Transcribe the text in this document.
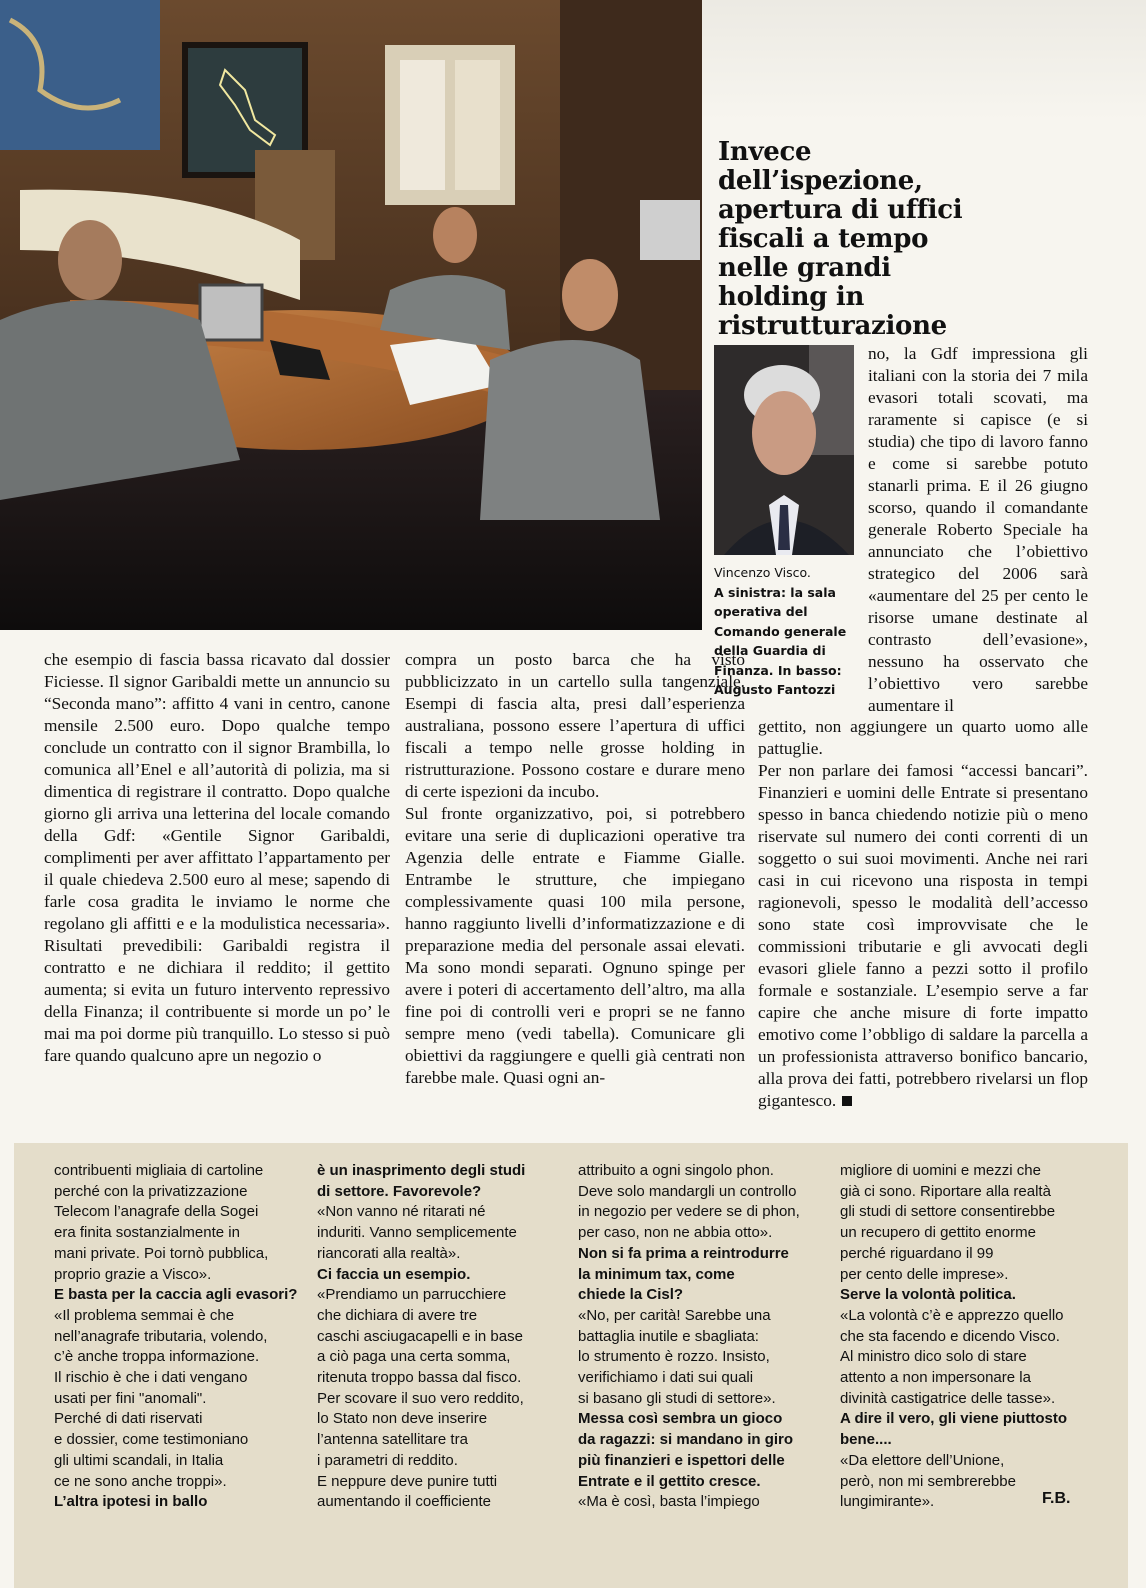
Invece
dell’ispezione,
apertura di uffici
fiscali a tempo
nelle grandi
holding in
ristrutturazione
Vincenzo Visco.
A sinistra: la sala
operativa del
Comando generale
della Guardia di
Finanza. In basso:
Augusto Fantozzi

no, la Gdf impressiona gli italiani con la storia dei 7 mila evasori totali scovati, ma raramente si capisce (e si studia) che tipo di lavoro fanno e come si sarebbe potuto stanarli prima. E il 26 giugno scorso, quando il comandante generale Roberto Speciale ha annunciato che l’obiettivo strategico del 2006 sarà «aumentare del 25 per cento le risorse umane destinate al contrasto dell’evasione», nessuno ha osservato che l’obiettivo vero sarebbe aumentare il

gettito, non aggiungere un quarto uomo alle pattuglie.

Per non parlare dei famosi “accessi bancari”. Finanzieri e uomini delle Entrate si presentano spesso in banca chiedendo notizie più o meno riservate sul numero dei conti correnti di un soggetto o sui suoi movimenti. Anche nei rari casi in cui ricevono una risposta in tempi ragionevoli, spesso le modalità dell’accesso sono state così improvvisate che le commissioni tributarie e gli avvocati degli evasori gliele fanno a pezzi sotto il profilo formale e sostanziale. L’esempio serve a far capire che anche misure di forte impatto emotivo come l’obbligo di saldare la parcella a un professionista attraverso bonifico bancario, alla prova dei fatti, potrebbero rivelarsi un flop gigantesco.

che esempio di fascia bassa ricavato dal dossier Ficiesse. Il signor Garibaldi mette un annuncio su “Seconda mano”: affitto 4 vani in centro, canone mensile 2.500 euro. Dopo qualche tempo conclude un contratto con il signor Brambilla, lo comunica all’Enel e all’autorità di polizia, ma si dimentica di registrare il contratto. Dopo qualche giorno gli arriva una letterina del locale comando della Gdf: «Gentile Signor Garibaldi, complimenti per aver affittato l’appartamento per il quale chiedeva 2.500 euro al mese; sapendo di farle cosa gradita le inviamo le norme che regolano gli affitti e e la modulistica necessaria». Risultati prevedibili: Garibaldi registra il contratto e ne dichiara il reddito; il gettito aumenta; si evita un futuro intervento repressivo della Finanza; il contribuente si morde un po’ le mai ma poi dorme più tranquillo. Lo stesso si può fare quando qualcuno apre un negozio o

compra un posto barca che ha visto pubblicizzato in un cartello sulla tangenziale. Esempi di fascia alta, presi dall’esperienza australiana, possono essere l’apertura di uffici fiscali a tempo nelle grosse holding in ristrutturazione. Possono costare e durare meno di certe ispezioni da incubo.

Sul fronte organizzativo, poi, si potrebbero evitare una serie di duplicazioni operative tra Agenzia delle entrate e Fiamme Gialle. Entrambe le strutture, che impiegano complessivamente quasi 100 mila persone, hanno raggiunto livelli d’informatizzazione e di preparazione media del personale assai elevati. Ma sono mondi separati. Ognuno spinge per avere i poteri di accertamento dell’altro, ma alla fine poi di controlli veri e propri se ne fanno sempre meno (vedi tabella). Comunicare gli obiettivi da raggiungere e quelli già centrati non farebbe male. Quasi ogni an-

contribuenti migliaia di cartoline
perché con la privatizzazione
Telecom l’anagrafe della Sogei
era finita sostanzialmente in
mani private. Poi tornò pubblica,
proprio grazie a Visco».
E basta per la caccia agli evasori?
«Il problema semmai è che
nell’anagrafe tributaria, volendo,
c’è anche troppa informazione.
Il rischio è che i dati vengano
usati per fini "anomali".
Perché di dati riservati
e dossier, come testimoniano
gli ultimi scandali, in Italia
ce ne sono anche troppi».
L’altra ipotesi in ballo
è un inasprimento degli studi
di settore. Favorevole?
«Non vanno né ritarati né
induriti. Vanno semplicemente
riancorati alla realtà».
Ci faccia un esempio.
«Prendiamo un parrucchiere
che dichiara di avere tre
caschi asciugacapelli e in base
a ciò paga una certa somma,
ritenuta troppo bassa dal fisco.
Per scovare il suo vero reddito,
lo Stato non deve inserire
l’antenna satellitare tra
i parametri di reddito.
E neppure deve punire tutti
aumentando il coefficiente
attribuito a ogni singolo phon.
Deve solo mandargli un controllo
in negozio per vedere se di phon,
per caso, non ne abbia otto».
Non si fa prima a reintrodurre
la minimum tax, come
chiede la Cisl?
«No, per carità! Sarebbe una
battaglia inutile e sbagliata:
lo strumento è rozzo. Insisto,
verifichiamo i dati sui quali
si basano gli studi di settore».
Messa così sembra un gioco
da ragazzi: si mandano in giro
più finanzieri e ispettori delle
Entrate e il gettito cresce.
«Ma è così, basta l’impiego
migliore di uomini e mezzi che
già ci sono. Riportare alla realtà
gli studi di settore consentirebbe
un recupero di gettito enorme
perché riguardano il 99
per cento delle imprese».
Serve la volontà politica.
«La volontà c’è e apprezzo quello
che sta facendo e dicendo Visco.
Al ministro dico solo di stare
attento a non impersonare la
divinità castigatrice delle tasse».
A dire il vero, gli viene piuttosto
bene....
«Da elettore dell’Unione,
però, non mi sembrerebbe
lungimirante».	F.B.
